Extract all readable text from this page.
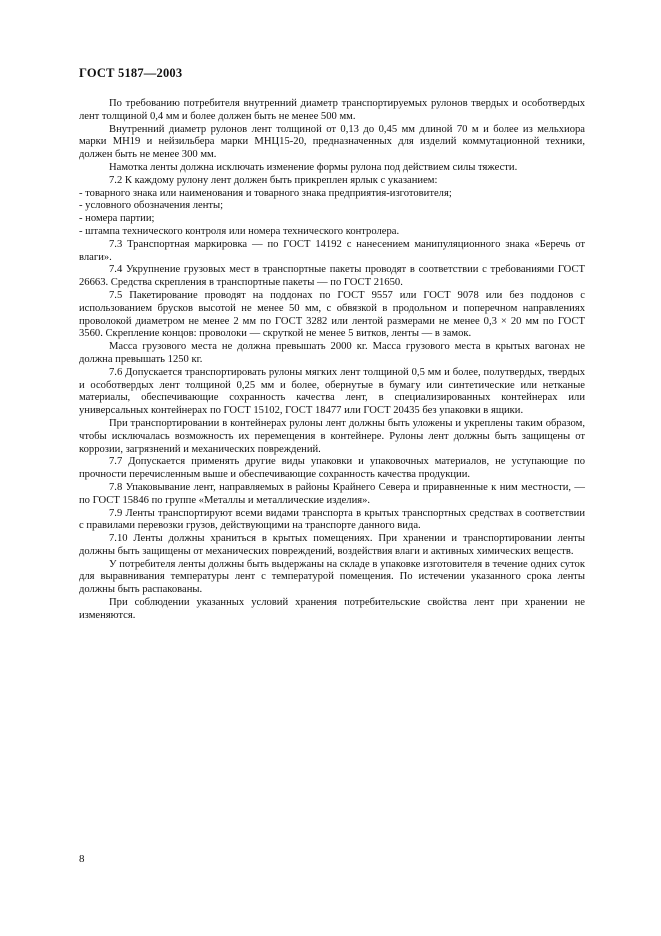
ГОСТ 5187—2003

По требованию потребителя внутренний диаметр транспортируемых рулонов твердых и особотвердых лент толщиной 0,4 мм и более должен быть не менее 500 мм.

Внутренний диаметр рулонов лент толщиной от 0,13 до 0,45 мм длиной 70 м и более из мельхиора марки МН19 и нейзильбера марки МНЦ15-20, предназначенных для изделий коммутационной техники, должен быть не менее 300 мм.

Намотка ленты должна исключать изменение формы рулона под действием силы тяжести.

7.2 К каждому рулону лент должен быть прикреплен ярлык с указанием:

- товарного знака или наименования и товарного знака предприятия-изготовителя;

- условного обозначения ленты;

- номера партии;

- штампа технического контроля или номера технического контролера.

7.3 Транспортная маркировка — по ГОСТ 14192 с нанесением манипуляционного знака «Беречь от влаги».

7.4 Укрупнение грузовых мест в транспортные пакеты проводят в соответствии с требованиями ГОСТ 26663. Средства скрепления в транспортные пакеты — по ГОСТ 21650.

7.5 Пакетирование проводят на поддонах по ГОСТ 9557 или ГОСТ 9078 или без поддонов с использованием брусков высотой не менее 50 мм, с обвязкой в продольном и поперечном направлениях проволокой диаметром не менее 2 мм по ГОСТ 3282 или лентой размерами не менее 0,3 × 20 мм по ГОСТ 3560. Скрепление концов: проволоки — скруткой не менее 5 витков, ленты — в замок.

Масса грузового места не должна превышать 2000 кг. Масса грузового места в крытых вагонах не должна превышать 1250 кг.

7.6 Допускается транспортировать рулоны мягких лент толщиной 0,5 мм и более, полутвердых, твердых и особотвердых лент толщиной 0,25 мм и более, обернутые в бумагу или синтетические или нетканые материалы, обеспечивающие сохранность качества лент, в специализированных контейнерах или универсальных контейнерах по ГОСТ 15102, ГОСТ 18477 или ГОСТ 20435 без упаковки в ящики.

При транспортировании в контейнерах рулоны лент должны быть уложены и укреплены таким образом, чтобы исключалась возможность их перемещения в контейнере. Рулоны лент должны быть защищены от коррозии, загрязнений и механических повреждений.

7.7 Допускается применять другие виды упаковки и упаковочных материалов, не уступающие по прочности перечисленным выше и обеспечивающие сохранность качества продукции.

7.8 Упаковывание лент, направляемых в районы Крайнего Севера и приравненные к ним местности, — по ГОСТ 15846 по группе «Металлы и металлические изделия».

7.9 Ленты транспортируют всеми видами транспорта в крытых транспортных средствах в соответствии с правилами перевозки грузов, действующими на транспорте данного вида.

7.10 Ленты должны храниться в крытых помещениях. При хранении и транспортировании ленты должны быть защищены от механических повреждений, воздействия влаги и активных химических веществ.

У потребителя ленты должны быть выдержаны на складе в упаковке изготовителя в течение одних суток для выравнивания температуры лент с температурой помещения. По истечении указанного срока ленты должны быть распакованы.

При соблюдении указанных условий хранения потребительские свойства лент при хранении не изменяются.

8
